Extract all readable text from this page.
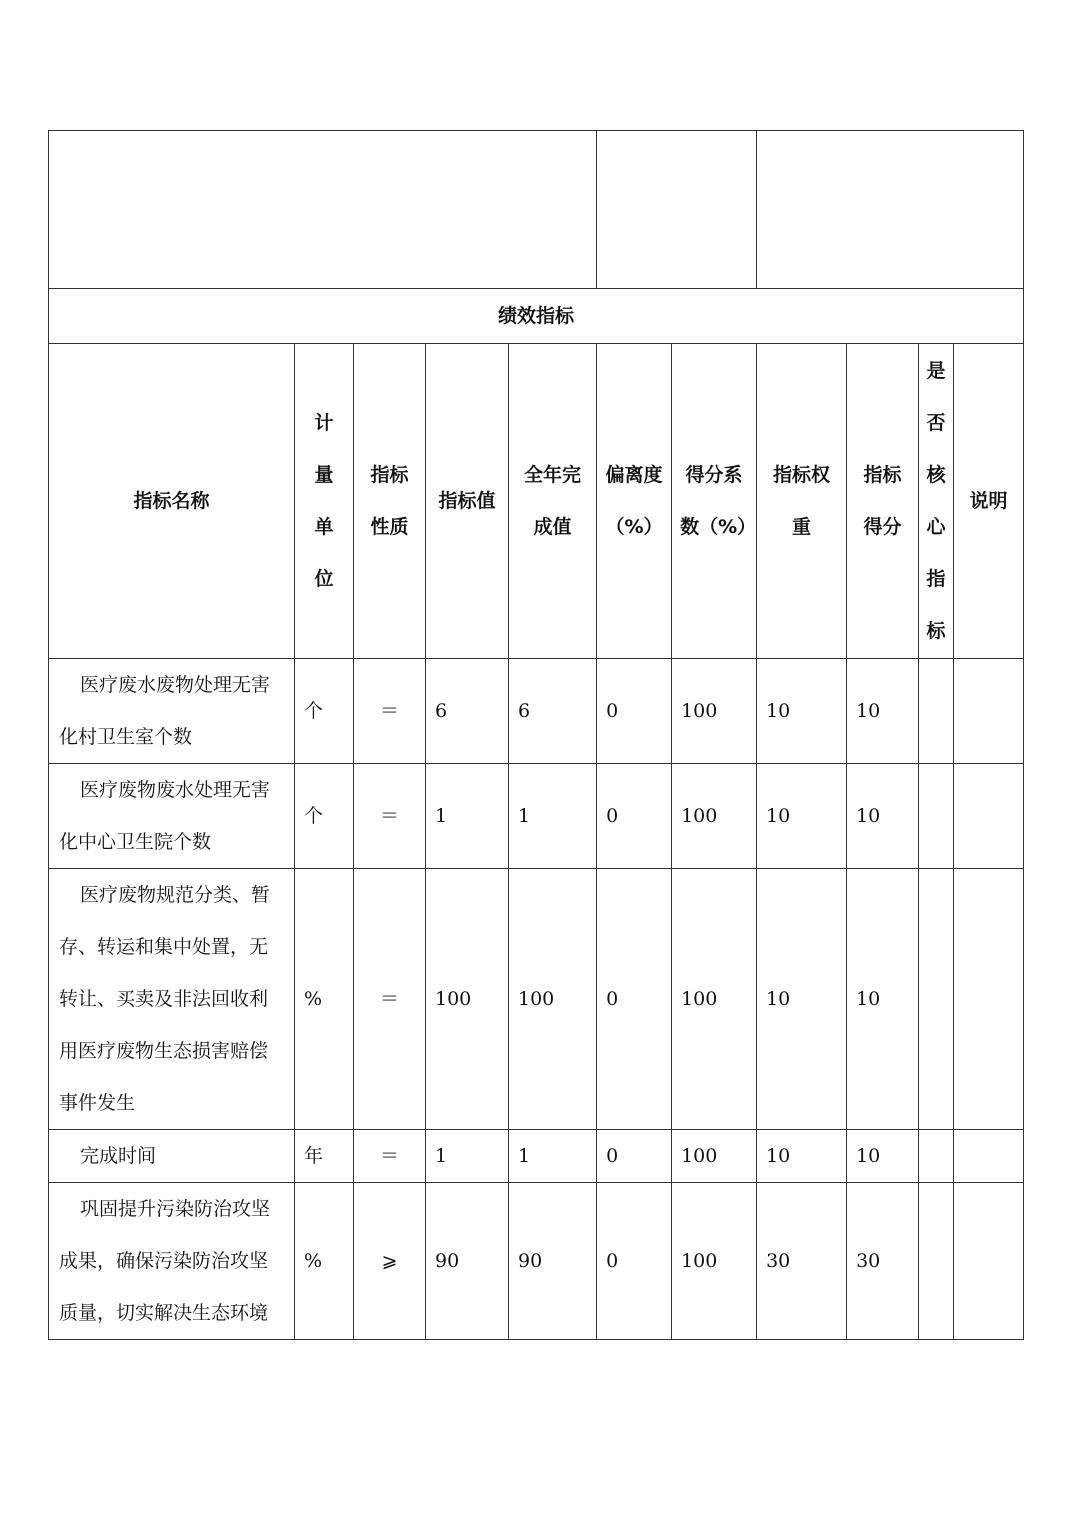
绩效指标										
指标名称	计量单位	指标性质	指标值	全年完成值	偏离度（%）	得分系数（%）	指标权重	指标得分	是否核心指标	说明
医疗废水废物处理无害化村卫生室个数	个	＝	6	6	0	100	10	10		
医疗废物废水处理无害化中心卫生院个数	个	＝	1	1	0	100	10	10		
医疗废物规范分类、暂存、转运和集中处置，无转让、买卖及非法回收利用医疗废物生态损害赔偿事件发生	%	＝	100	100	0	100	10	10		
完成时间	年	＝	1	1	0	100	10	10		
巩固提升污染防治攻坚成果，确保污染防治攻坚质量，切实解决生态环境	%	⩾	90	90	0	100	30	30		
